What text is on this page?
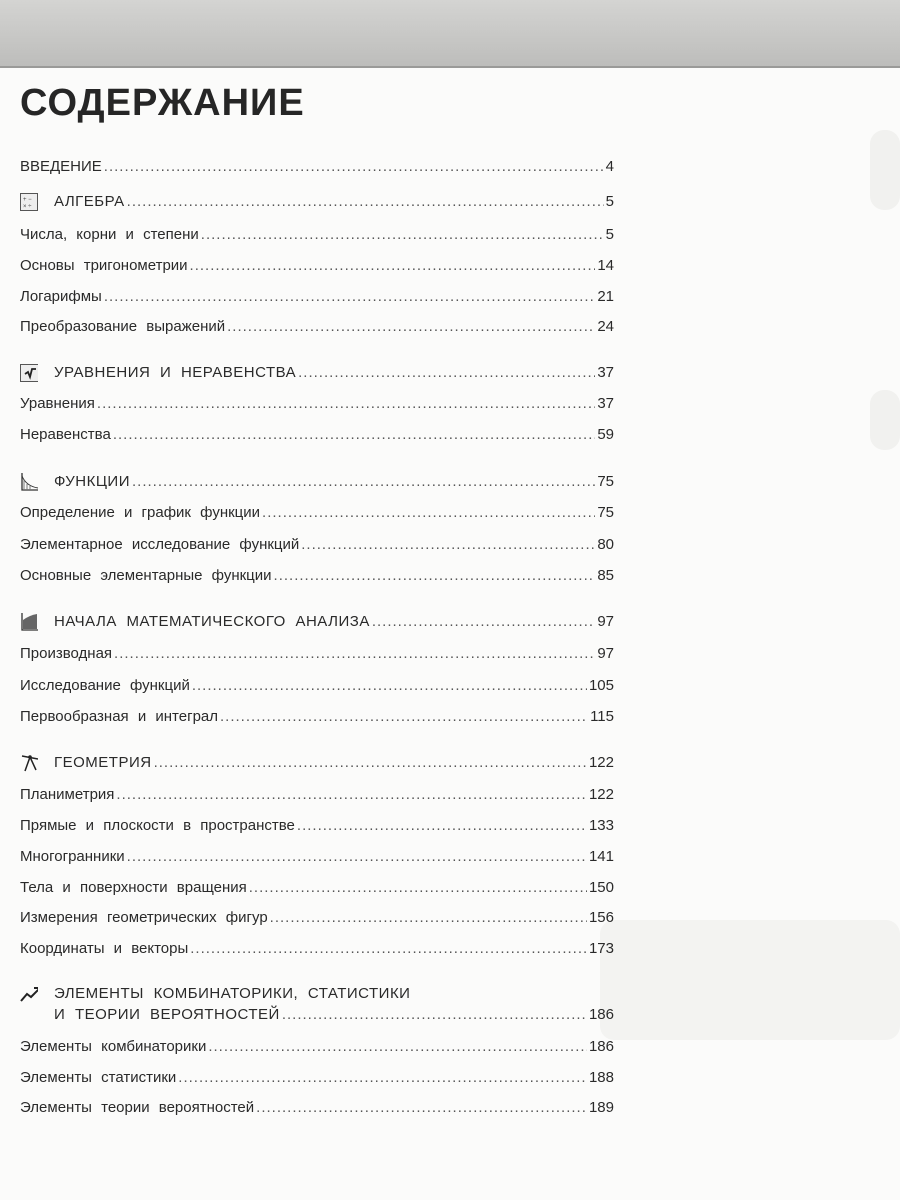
СОДЕРЖАНИЕ
ВВЕДЕНИЕ .....	4
+ −
× ÷ АЛГЕБРА .....	5
Числа, корни и степени .....	5
Основы тригонометрии .....	14
Логарифмы .....	21
Преобразование выражений .....	24
УРАВНЕНИЯ И НЕРАВЕНСТВА .....	37
Уравнения .....	37
Неравенства .....	59
ФУНКЦИИ .....	75
Определение и график функции .....	75
Элементарное исследование функций .....	80
Основные элементарные функции .....	85
НАЧАЛА МАТЕМАТИЧЕСКОГО АНАЛИЗА .....	97
Производная .....	97
Исследование функций .....	105
Первообразная и интеграл .....	115
ГЕОМЕТРИЯ .....	122
Планиметрия .....	122
Прямые и плоскости в пространстве .....	133
Многогранники .....	141
Тела и поверхности вращения .....	150
Измерения геометрических фигур .....	156
Координаты и векторы .....	173
ЭЛЕМЕНТЫ КОМБИНАТОРИКИ, СТАТИСТИКИ
И ТЕОРИИ ВЕРОЯТНОСТЕЙ .....	186
Элементы комбинаторики .....	186
Элементы статистики .....	188
Элементы теории вероятностей .....	189
